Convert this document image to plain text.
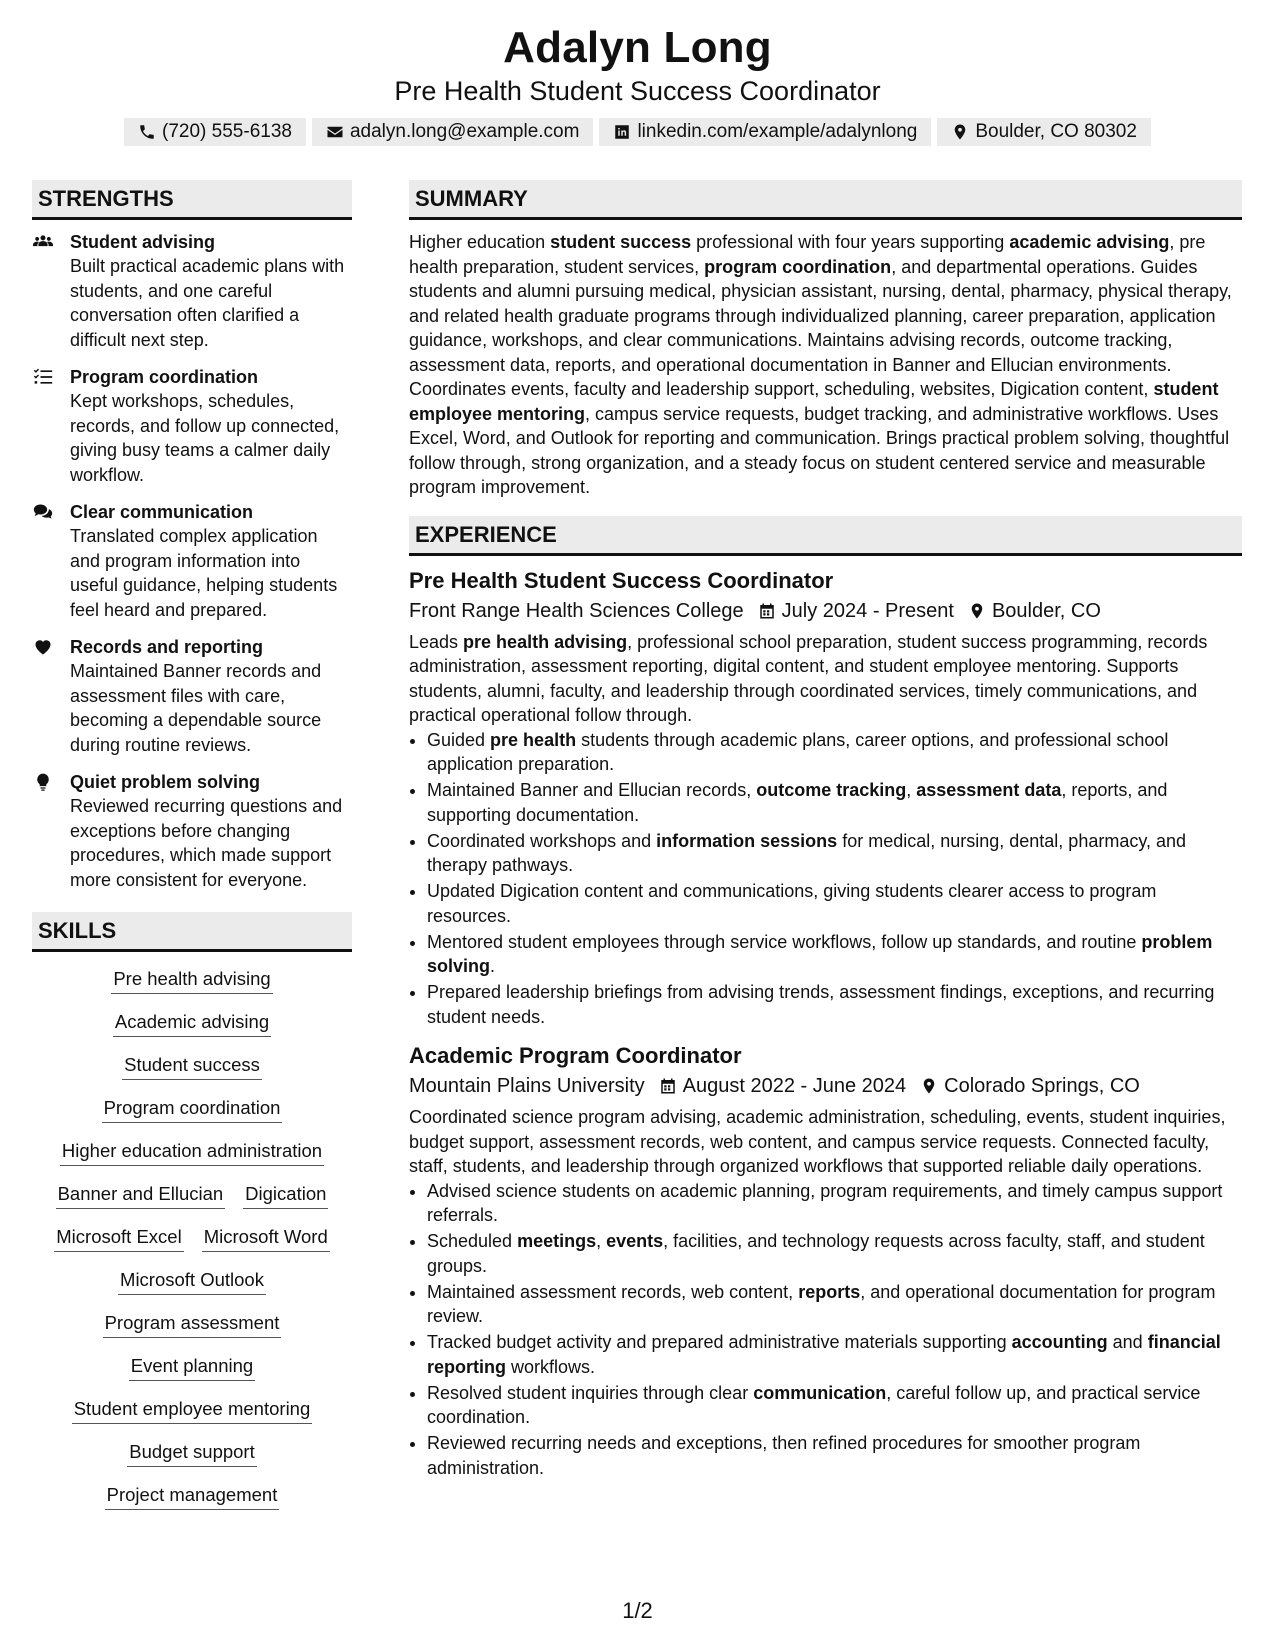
Adalyn Long
Pre Health Student Success Coordinator
(720) 555-6138	adalyn.long@example.com	linkedin.com/example/adalynlong	Boulder, CO 80302
STRENGTHS
Student advising
Built practical academic plans with students, and one careful conversation often clarified a difficult next step.
Program coordination
Kept workshops, schedules, records, and follow up connected, giving busy teams a calmer daily workflow.
Clear communication
Translated complex application and program information into useful guidance, helping students feel heard and prepared.
Records and reporting
Maintained Banner records and assessment files with care, becoming a dependable source during routine reviews.
Quiet problem solving
Reviewed recurring questions and exceptions before changing procedures, which made support more consistent for everyone.
SKILLS
Pre health advising
Academic advising
Student success
Program coordination
Higher education administration
Banner and Ellucian Digication
Microsoft Excel Microsoft Word
Microsoft Outlook
Program assessment
Event planning
Student employee mentoring
Budget support
Project management
SUMMARY
Higher education student success professional with four years supporting academic advising, pre health preparation, student services, program coordination, and departmental operations. Guides students and alumni pursuing medical, physician assistant, nursing, dental, pharmacy, physical therapy, and related health graduate programs through individualized planning, career preparation, application guidance, workshops, and clear communications. Maintains advising records, outcome tracking, assessment data, reports, and operational documentation in Banner and Ellucian environments. Coordinates events, faculty and leadership support, scheduling, websites, Digication content, student employee mentoring, campus service requests, budget tracking, and administrative workflows. Uses Excel, Word, and Outlook for reporting and communication. Brings practical problem solving, thoughtful follow through, strong organization, and a steady focus on student centered service and measurable program improvement.
EXPERIENCE
Pre Health Student Success Coordinator
Front Range Health Sciences College July 2024 - Present Boulder, CO
Leads pre health advising, professional school preparation, student success programming, records administration, assessment reporting, digital content, and student employee mentoring. Supports students, alumni, faculty, and leadership through coordinated services, timely communications, and practical operational follow through.
• Guided pre health students through academic plans, career options, and professional school application preparation.
• Maintained Banner and Ellucian records, outcome tracking, assessment data, reports, and supporting documentation.
• Coordinated workshops and information sessions for medical, nursing, dental, pharmacy, and therapy pathways.
• Updated Digication content and communications, giving students clearer access to program resources.
• Mentored student employees through service workflows, follow up standards, and routine problem solving.
• Prepared leadership briefings from advising trends, assessment findings, exceptions, and recurring student needs.
Academic Program Coordinator
Mountain Plains University August 2022 - June 2024 Colorado Springs, CO
Coordinated science program advising, academic administration, scheduling, events, student inquiries, budget support, assessment records, web content, and campus service requests. Connected faculty, staff, students, and leadership through organized workflows that supported reliable daily operations.
• Advised science students on academic planning, program requirements, and timely campus support referrals.
• Scheduled meetings, events, facilities, and technology requests across faculty, staff, and student groups.
• Maintained assessment records, web content, reports, and operational documentation for program review.
• Tracked budget activity and prepared administrative materials supporting accounting and financial reporting workflows.
• Resolved student inquiries through clear communication, careful follow up, and practical service coordination.
• Reviewed recurring needs and exceptions, then refined procedures for smoother program administration.
1/2
